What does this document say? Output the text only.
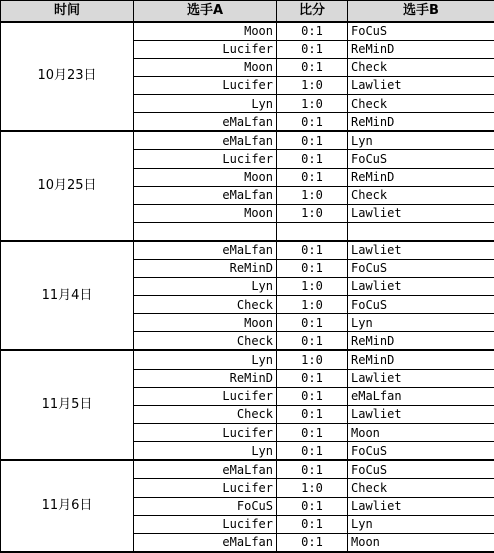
时间	选手A	比分	选手B
10月23日	Moon	0:1	FoCuS
	Lucifer	0:1	ReMinD
	Moon	0:1	Check
	Lucifer	1:0	Lawliet
	Lyn	1:0	Check
	eMaLfan	0:1	ReMinD
10月25日	eMaLfan	0:1	Lyn
	Lucifer	0:1	FoCuS
	Moon	0:1	ReMinD
	eMaLfan	1:0	Check
	Moon	1:0	Lawliet

11月4日	eMaLfan	0:1	Lawliet
	ReMinD	0:1	FoCuS
	Lyn	1:0	Lawliet
	Check	1:0	FoCuS
	Moon	0:1	Lyn
	Check	0:1	ReMinD
11月5日	Lyn	1:0	ReMinD
	ReMinD	0:1	Lawliet
	Lucifer	0:1	eMaLfan
	Check	0:1	Lawliet
	Lucifer	0:1	Moon
	Lyn	0:1	FoCuS
11月6日	eMaLfan	0:1	FoCuS
	Lucifer	1:0	Check
	FoCuS	0:1	Lawliet
	Lucifer	0:1	Lyn
	eMaLfan	0:1	Moon
